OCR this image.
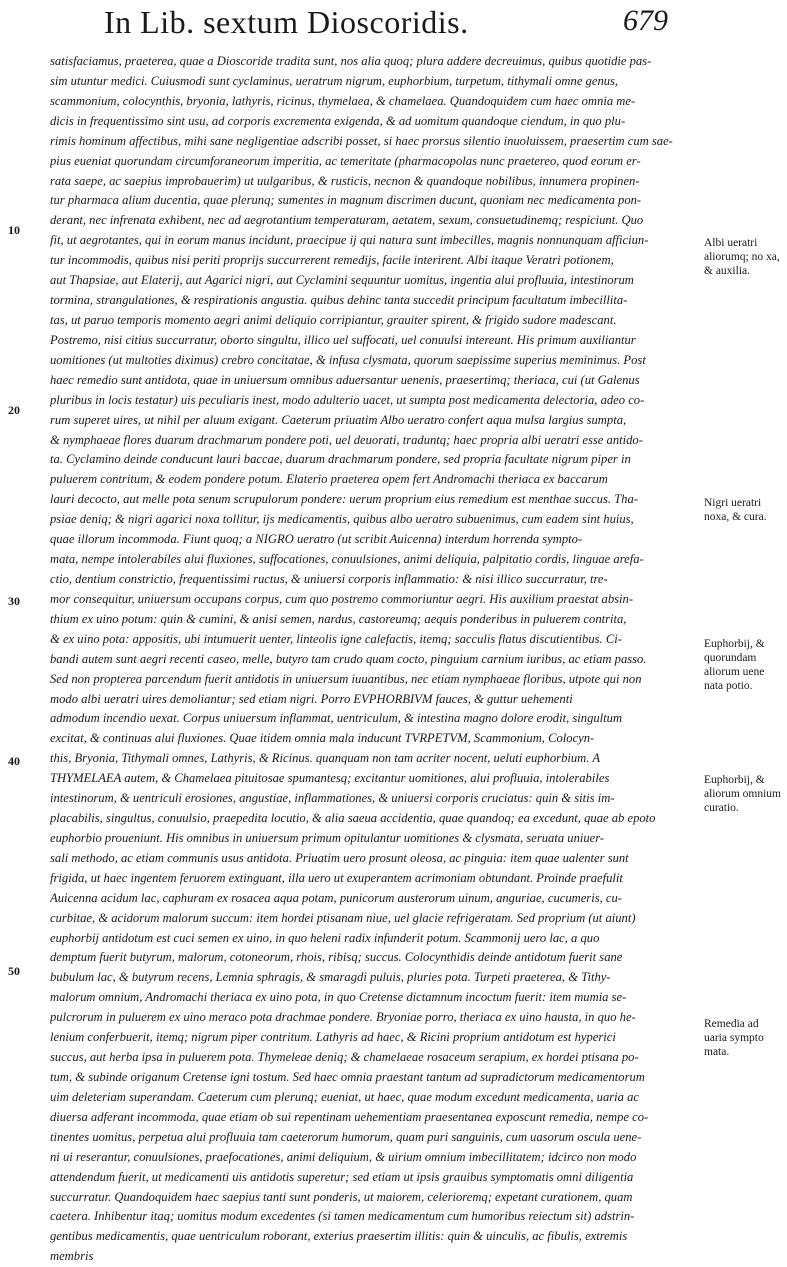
In Lib. sextum Dioscoridis.	679
10
20
30
40
50
Albi ueratri aliorumq; no xa, & auxilia.
Nigri ueratri noxa, & cura.
Euphorbij, & quorundam aliorum uene nata potio.
Euphorbij, & aliorum omnium curatio.
Remedia ad uaria sympto mata.
satisfaciamus, praeterea, quae a Dioscoride tradita sunt, nos alia quoq; plura addere decreuimus, quibus quotidie pas-
sim utuntur medici. Cuiusmodi sunt cyclaminus, ueratrum nigrum, euphorbium, turpetum, tithymali omne genus,
scammonium, colocynthis, bryonia, lathyris, ricinus, thymelaea, & chamelaea. Quandoquidem cum haec omnia me-
dicis in frequentissimo sint usu, ad corporis excrementa exigenda, & ad uomitum quandoque ciendum, in quo plu-
rimis hominum affectibus, mihi sane negligentiae adscribi posset, si haec prorsus silentio inuoluissem, praesertim cum sae-
pius eueniat quorundam circumforaneorum imperitia, ac temeritate (pharmacopolas nunc praetereo, quod eorum er-
rata saepe, ac saepius improbauerim) ut uulgaribus, & rusticis, necnon & quandoque nobilibus, innumera propinen-
tur pharmaca alium ducentia, quae plerunq; sumentes in magnum discrimen ducunt, quoniam nec medicamenta pon-
derant, nec infrenata exhibent, nec ad aegrotantium temperaturam, aetatem, sexum, consuetudinemq; respiciunt. Quo
fit, ut aegrotantes, qui in eorum manus incidunt, praecipue ij qui natura sunt imbecilles, magnis nonnunquam afficiun-
tur incommodis, quibus nisi periti proprijs succurrerent remedijs, facile interirent. Albi itaque Veratri potionem,
aut Thapsiae, aut Elaterij, aut Agarici nigri, aut Cyclamini sequuntur uomitus, ingentia alui profluuia, intestinorum
tormina, strangulationes, & respirationis angustia. quibus dehinc tanta succedit principum facultatum imbecillita-
tas, ut paruo temporis momento aegri animi deliquio corripiantur, grauiter spirent, & frigido sudore madescant.
Postremo, nisi citius succurratur, oborto singultu, illico uel suffocati, uel conuulsi intereunt. His primum auxiliantur
uomitiones (ut multoties diximus) crebro concitatae, & infusa clysmata, quorum saepissime superius meminimus. Post
haec remedio sunt antidota, quae in uniuersum omnibus aduersantur uenenis, praesertimq; theriaca, cui (ut Galenus
pluribus in locis testatur) uis peculiaris inest, modo adulterio uacet, ut sumpta post medicamenta delectoria, adeo co-
rum superet uires, ut nihil per aluum exigant. Caeterum priuatim Albo ueratro confert aqua mulsa largius sumpta,
& nymphaeae flores duarum drachmarum pondere poti, uel deuorati, traduntq; haec propria albi ueratri esse antido-
ta. Cyclamino deinde conducunt lauri baccae, duarum drachmarum pondere, sed propria facultate nigrum piper in
puluerem contritum, & eodem pondere potum. Elaterio praeterea opem fert Andromachi theriaca ex baccarum
lauri decocto, aut melle pota senum scrupulorum pondere: uerum proprium eius remedium est menthae succus. Tha-
psiae deniq; & nigri agarici noxa tollitur, ijs medicamentis, quibus albo ueratro subuenimus, cum eadem sint huius,
quae illorum incommoda. Fiunt quoq; a NIGRO ueratro (ut scribit Auicenna) interdum horrenda sympto-
mata, nempe intolerabiles alui fluxiones, suffocationes, conuulsiones, animi deliquia, palpitatio cordis, linguae arefa-
ctio, dentium constrictio, frequentissimi ructus, & uniuersi corporis inflammatio: & nisi illico succurratur, tre-
mor consequitur, uniuersum occupans corpus, cum quo postremo commoriuntur aegri. His auxilium praestat absin-
thium ex uino potum: quin & cumini, & anisi semen, nardus, castoreumq; aequis ponderibus in puluerem contrita,
& ex uino pota: appositis, ubi intumuerit uenter, linteolis igne calefactis, itemq; sacculis flatus discutientibus. Ci-
bandi autem sunt aegri recenti caseo, melle, butyro tam crudo quam cocto, pinguium carnium iuribus, ac etiam passo.
Sed non propterea parcendum fuerit antidotis in uniuersum iuuantibus, nec etiam nymphaeae floribus, utpote qui non
modo albi ueratri uires demoliantur; sed etiam nigri. Porro EVPHORBIVM fauces, & guttur uehementi
admodum incendio uexat. Corpus uniuersum inflammat, uentriculum, & intestina magno dolore erodit, singultum
excitat, & continuas alui fluxiones. Quae itidem omnia mala inducunt TVRPETVM, Scammonium, Colocyn-
this, Bryonia, Tithymali omnes, Lathyris, & Ricinus. quanquam non tam acriter nocent, ueluti euphorbium. A
THYMELAEA autem, & Chamelaea pituitosae spumantesq; excitantur uomitiones, alui profluuia, intolerabiles
intestinorum, & uentriculi erosiones, angustiae, inflammationes, & uniuersi corporis cruciatus: quin & sitis im-
placabilis, singultus, conuulsio, praepedita locutio, & alia saeua accidentia, quae quandoq; ea excedunt, quae ab epoto
euphorbio proueniunt. His omnibus in uniuersum primum opitulantur uomitiones & clysmata, seruata uniuer-
sali methodo, ac etiam communis usus antidota. Priuatim uero prosunt oleosa, ac pinguia: item quae ualenter sunt
frigida, ut haec ingentem feruorem extinguant, illa uero ut exuperantem acrimoniam obtundant. Proinde praefulit
Auicenna acidum lac, caphuram ex rosacea aqua potam, punicorum austerorum uinum, anguriae, cucumeris, cu-
curbitae, & acidorum malorum succum: item hordei ptisanam niue, uel glacie refrigeratam. Sed proprium (ut aiunt)
euphorbij antidotum est cuci semen ex uino, in quo heleni radix infunderit potum. Scammonij uero lac, a quo
demptum fuerit butyrum, malorum, cotoneorum, rhois, ribisq; succus. Colocynthidis deinde antidotum fuerit sane
bubulum lac, & butyrum recens, Lemnia sphragis, & smaragdi puluis, pluries pota. Turpeti praeterea, & Tithy-
malorum omnium, Andromachi theriaca ex uino pota, in quo Cretense dictamnum incoctum fuerit: item mumia se-
pulcrorum in puluerem ex uino meraco pota drachmae pondere. Bryoniae porro, theriaca ex uino hausta, in quo he-
lenium conferbuerit, itemq; nigrum piper contritum. Lathyris ad haec, & Ricini proprium antidotum est hyperici
succus, aut herba ipsa in puluerem pota. Thymeleae deniq; & chamelaeae rosaceum serapium, ex hordei ptisana po-
tum, & subinde origanum Cretense igni tostum. Sed haec omnia praestant tantum ad supradictorum medicamentorum
uim deleteriam superandam. Caeterum cum plerunq; eueniat, ut haec, quae modum excedunt medicamenta, uaria ac
diuersa adferant incommoda, quae etiam ob sui repentinam uehementiam praesentanea exposcunt remedia, nempe co-
tinentes uomitus, perpetua alui profluuia tam caeterorum humorum, quam puri sanguinis, cum uasorum oscula uene-
ni ui reserantur, conuulsiones, praefocationes, animi deliquium, & uirium omnium imbecillitatem; idcirco non modo
attendendum fuerit, ut medicamenti uis antidotis superetur; sed etiam ut ipsis grauibus symptomatis omni diligentia
succurratur. Quandoquidem haec saepius tanti sunt ponderis, ut maiorem, celerioremq; expetant curationem, quam
caetera. Inhibentur itaq; uomitus modum excedentes (si tamen medicamentum cum humoribus reiectum sit) adstrin-
gentibus medicamentis, quae uentriculum roborant, exterius praesertim illitis: quin & uinculis, ac fibulis, extremis
membris
